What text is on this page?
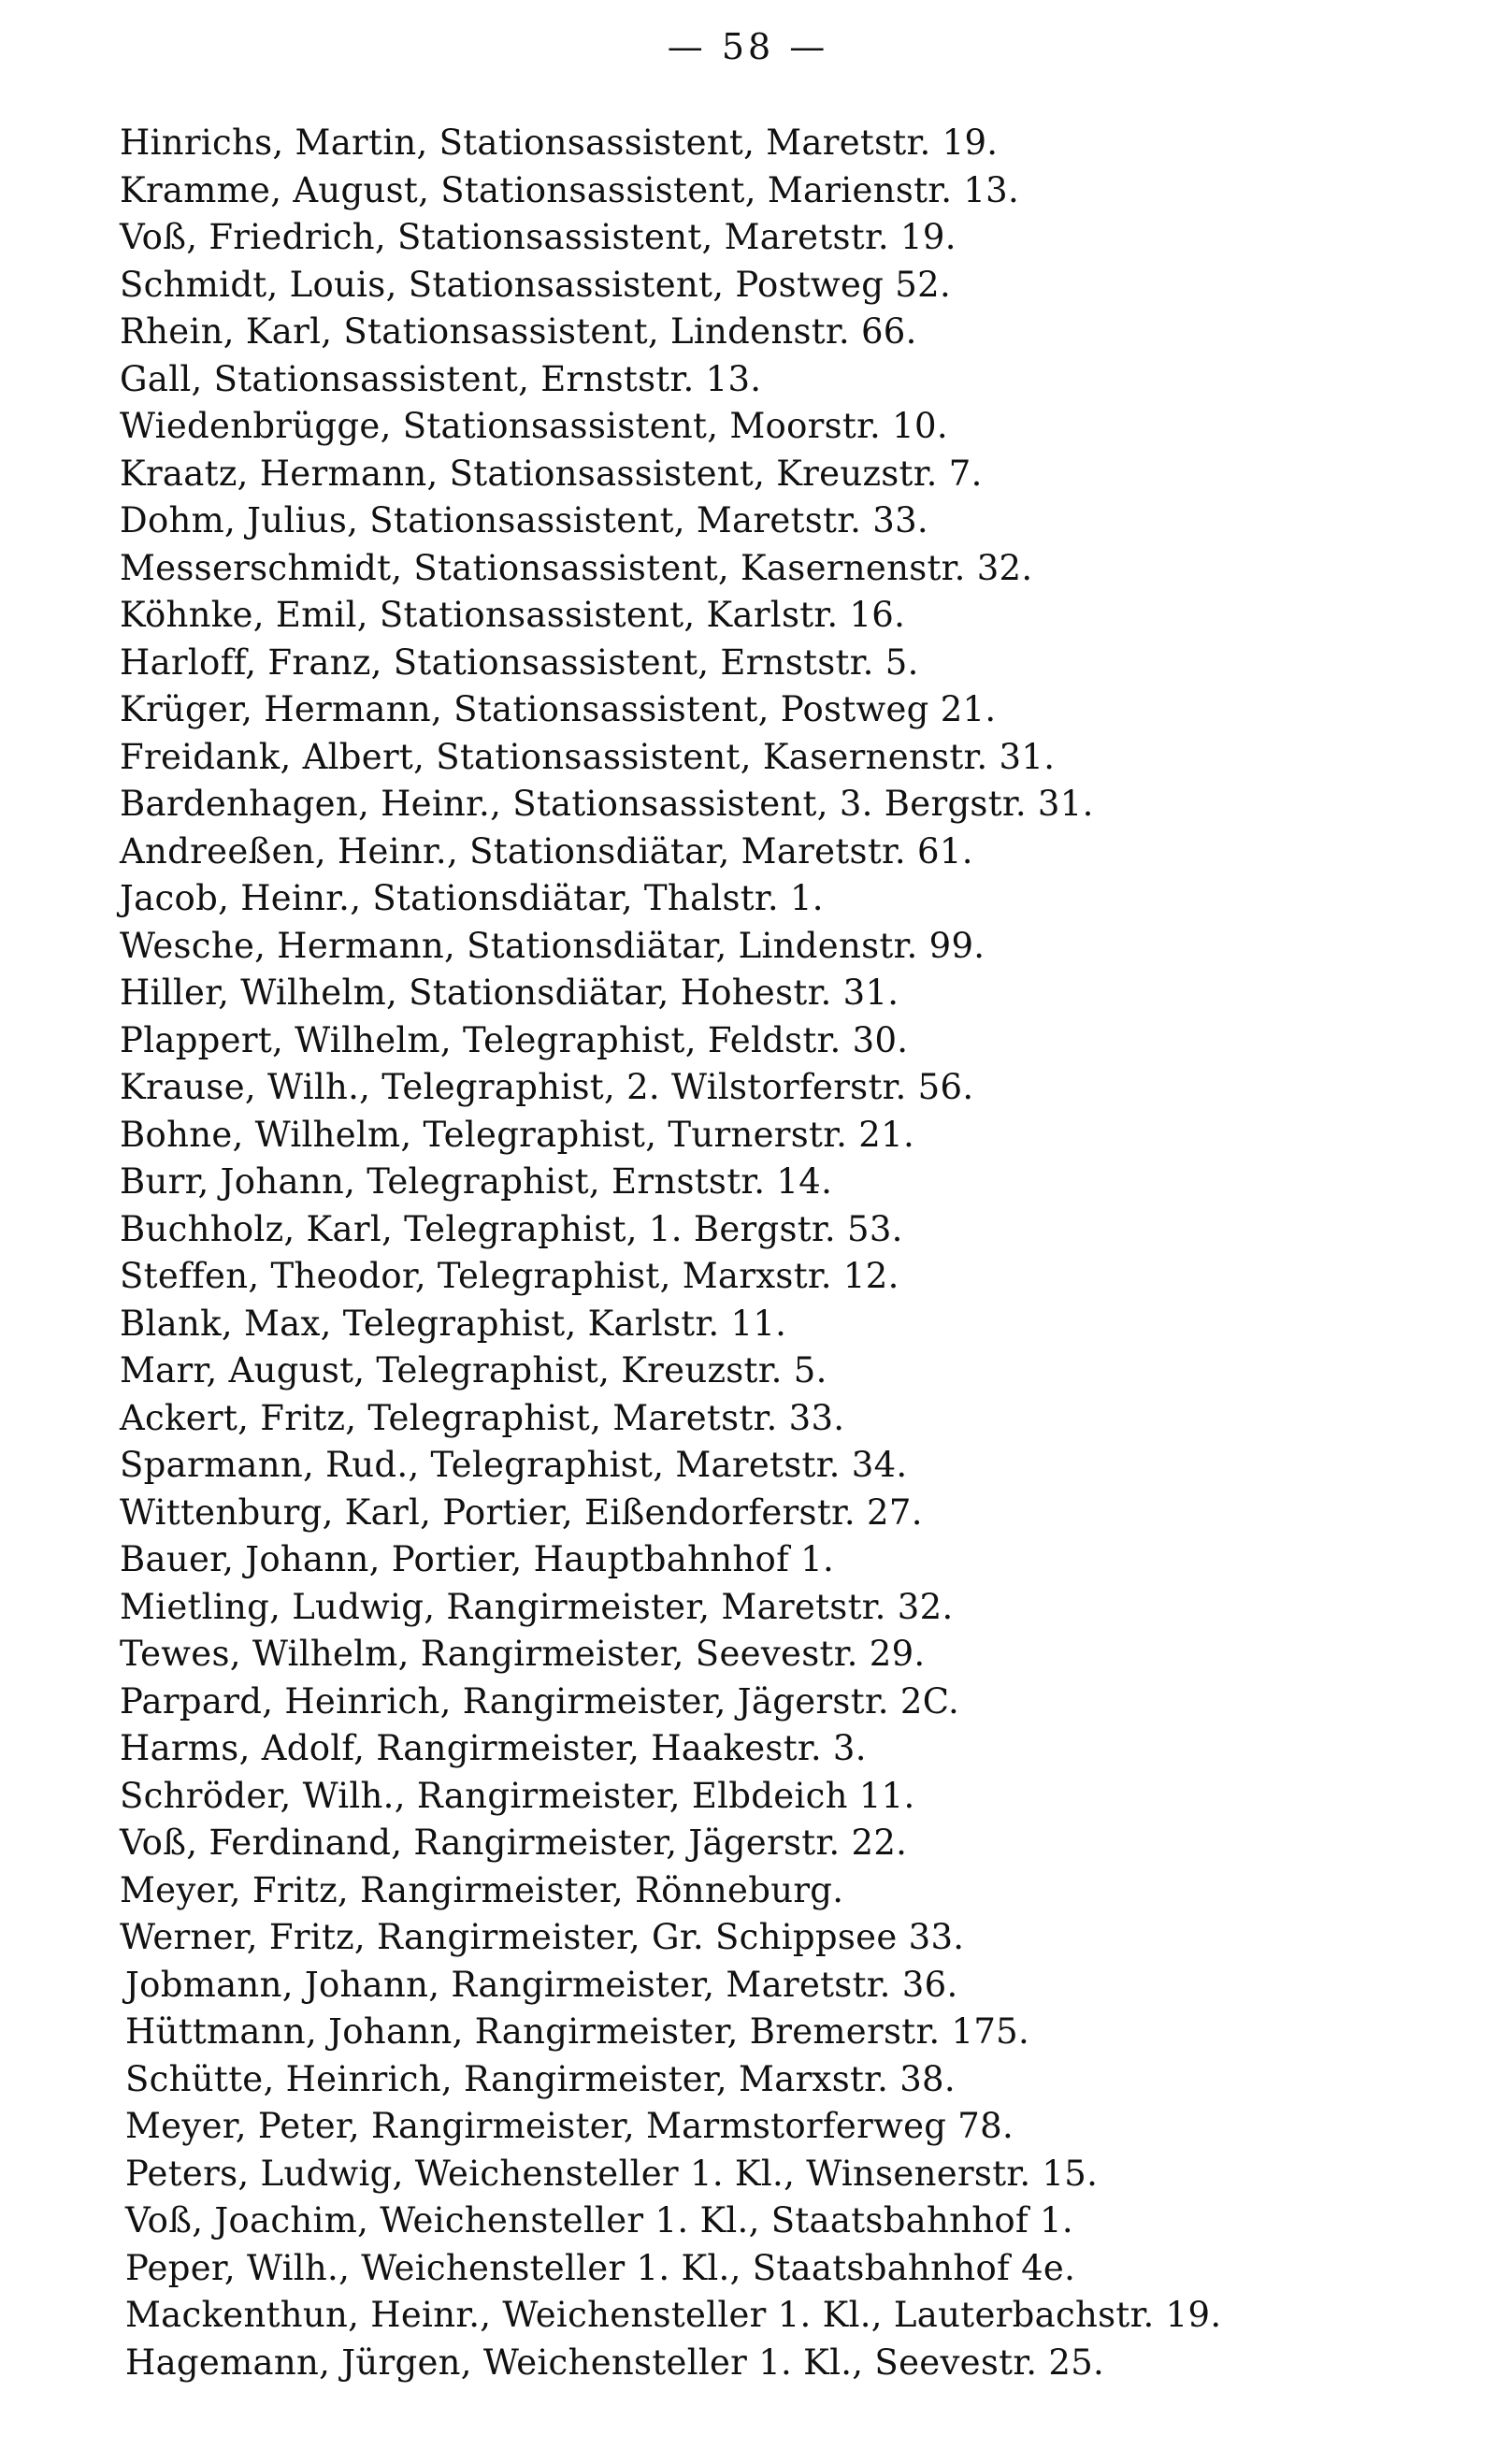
— 58 —
Hinrichs, Martin, Stationsassistent, Maretstr. 19.
Kramme, August, Stationsassistent, Marienstr. 13.
Voß, Friedrich, Stationsassistent, Maretstr. 19.
Schmidt, Louis, Stationsassistent, Postweg 52.
Rhein, Karl, Stationsassistent, Lindenstr. 66.
Gall, Stationsassistent, Ernststr. 13.
Wiedenbrügge, Stationsassistent, Moorstr. 10.
Kraatz, Hermann, Stationsassistent, Kreuzstr. 7.
Dohm, Julius, Stationsassistent, Maretstr. 33.
Messerschmidt, Stationsassistent, Kasernenstr. 32.
Köhnke, Emil, Stationsassistent, Karlstr. 16.
Harloff, Franz, Stationsassistent, Ernststr. 5.
Krüger, Hermann, Stationsassistent, Postweg 21.
Freidank, Albert, Stationsassistent, Kasernenstr. 31.
Bardenhagen, Heinr., Stationsassistent, 3. Bergstr. 31.
Andreeßen, Heinr., Stationsdiätar, Maretstr. 61.
Jacob, Heinr., Stationsdiätar, Thalstr. 1.
Wesche, Hermann, Stationsdiätar, Lindenstr. 99.
Hiller, Wilhelm, Stationsdiätar, Hohestr. 31.
Plappert, Wilhelm, Telegraphist, Feldstr. 30.
Krause, Wilh., Telegraphist, 2. Wilstorferstr. 56.
Bohne, Wilhelm, Telegraphist, Turnerstr. 21.
Burr, Johann, Telegraphist, Ernststr. 14.
Buchholz, Karl, Telegraphist, 1. Bergstr. 53.
Steffen, Theodor, Telegraphist, Marxstr. 12.
Blank, Max, Telegraphist, Karlstr. 11.
Marr, August, Telegraphist, Kreuzstr. 5.
Ackert, Fritz, Telegraphist, Maretstr. 33.
Sparmann, Rud., Telegraphist, Maretstr. 34.
Wittenburg, Karl, Portier, Eißendorferstr. 27.
Bauer, Johann, Portier, Hauptbahnhof 1.
Mietling, Ludwig, Rangirmeister, Maretstr. 32.
Tewes, Wilhelm, Rangirmeister, Seevestr. 29.
Parpard, Heinrich, Rangirmeister, Jägerstr. 2C.
Harms, Adolf, Rangirmeister, Haakestr. 3.
Schröder, Wilh., Rangirmeister, Elbdeich 11.
Voß, Ferdinand, Rangirmeister, Jägerstr. 22.
Meyer, Fritz, Rangirmeister, Rönneburg.
Werner, Fritz, Rangirmeister, Gr. Schippsee 33.
Jobmann, Johann, Rangirmeister, Maretstr. 36.
Hüttmann, Johann, Rangirmeister, Bremerstr. 175.
Schütte, Heinrich, Rangirmeister, Marxstr. 38.
Meyer, Peter, Rangirmeister, Marmstorferweg 78.
Peters, Ludwig, Weichensteller 1. Kl., Winsenerstr. 15.
Voß, Joachim, Weichensteller 1. Kl., Staatsbahnhof 1.
Peper, Wilh., Weichensteller 1. Kl., Staatsbahnhof 4e.
Mackenthun, Heinr., Weichensteller 1. Kl., Lauterbachstr. 19.
Hagemann, Jürgen, Weichensteller 1. Kl., Seevestr. 25.
